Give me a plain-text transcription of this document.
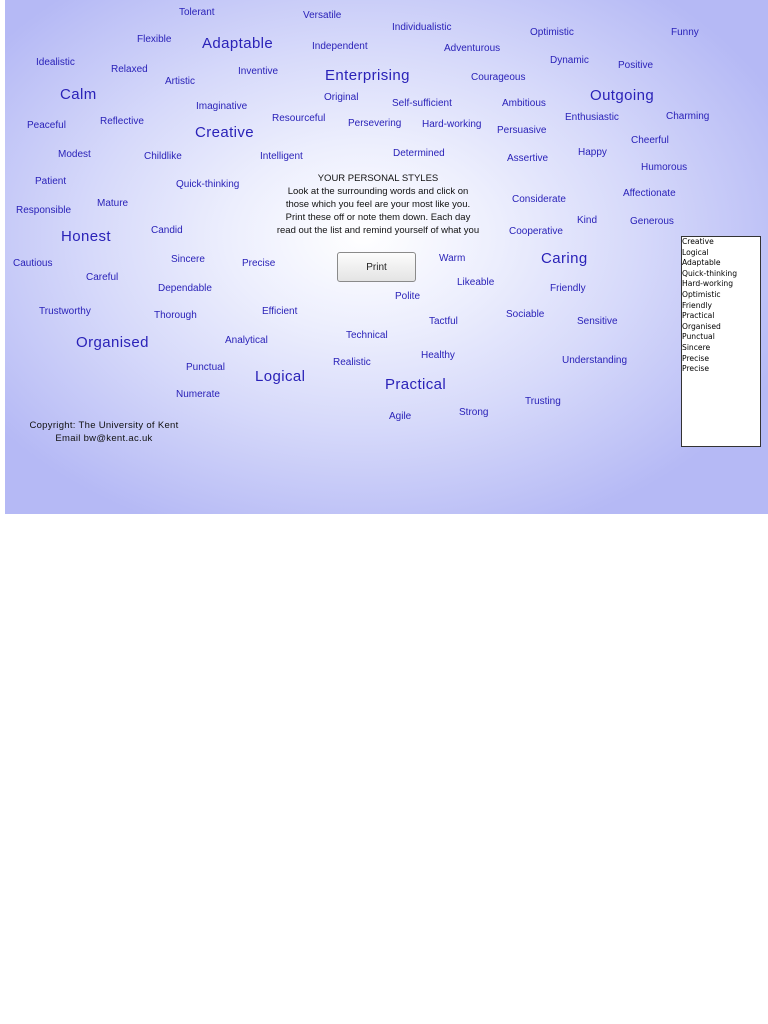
Tolerant	Versatile
Individualistic	Optimistic	Funny
Flexible Adaptable	Independent	Adventurous
Idealistic	Dynamic	Positive
Relaxed	Inventive	Enterprising	Courageous
Artistic
Calm	Outgoing
Original
Imaginative	Self-sufficient	Ambitious
Charming
Resourceful	Enthusiastic
Reflective	Persevering
Peaceful	Hard-working
Creative	Persuasive
Cheerful
Happy
Modest	Determined
Childlike	Intelligent	Assertive
Humorous
Patient	Quick-thinking
Affectionate
Considerate
Mature
Responsible
Kind	Generous
Candid	Cooperative
Honest
Caring
Warm
Sincere	Precise
Cautious
Likeable
Careful
Friendly
Dependable
Polite
Trustworthy	Efficient	Sociable
Thorough
Tactful	Sensitive
Technical
Organised	Analytical
Healthy
Realistic	Understanding
Punctual
Logical	Practical
Numerate
Trusting
Strong
Agile
YOUR PERSONAL STYLES
Look at the surrounding words and click on
those which you feel are your most like you.
Print these off or note them down. Each day
read out the list and remind yourself of what you
Print
Copyright: The University of Kent
Email bw@kent.ac.uk
Creative
Logical
Adaptable
Quick-thinking
Hard-working
Optimistic
Friendly
Practical
Organised
Punctual
Sincere
Precise
Precise
